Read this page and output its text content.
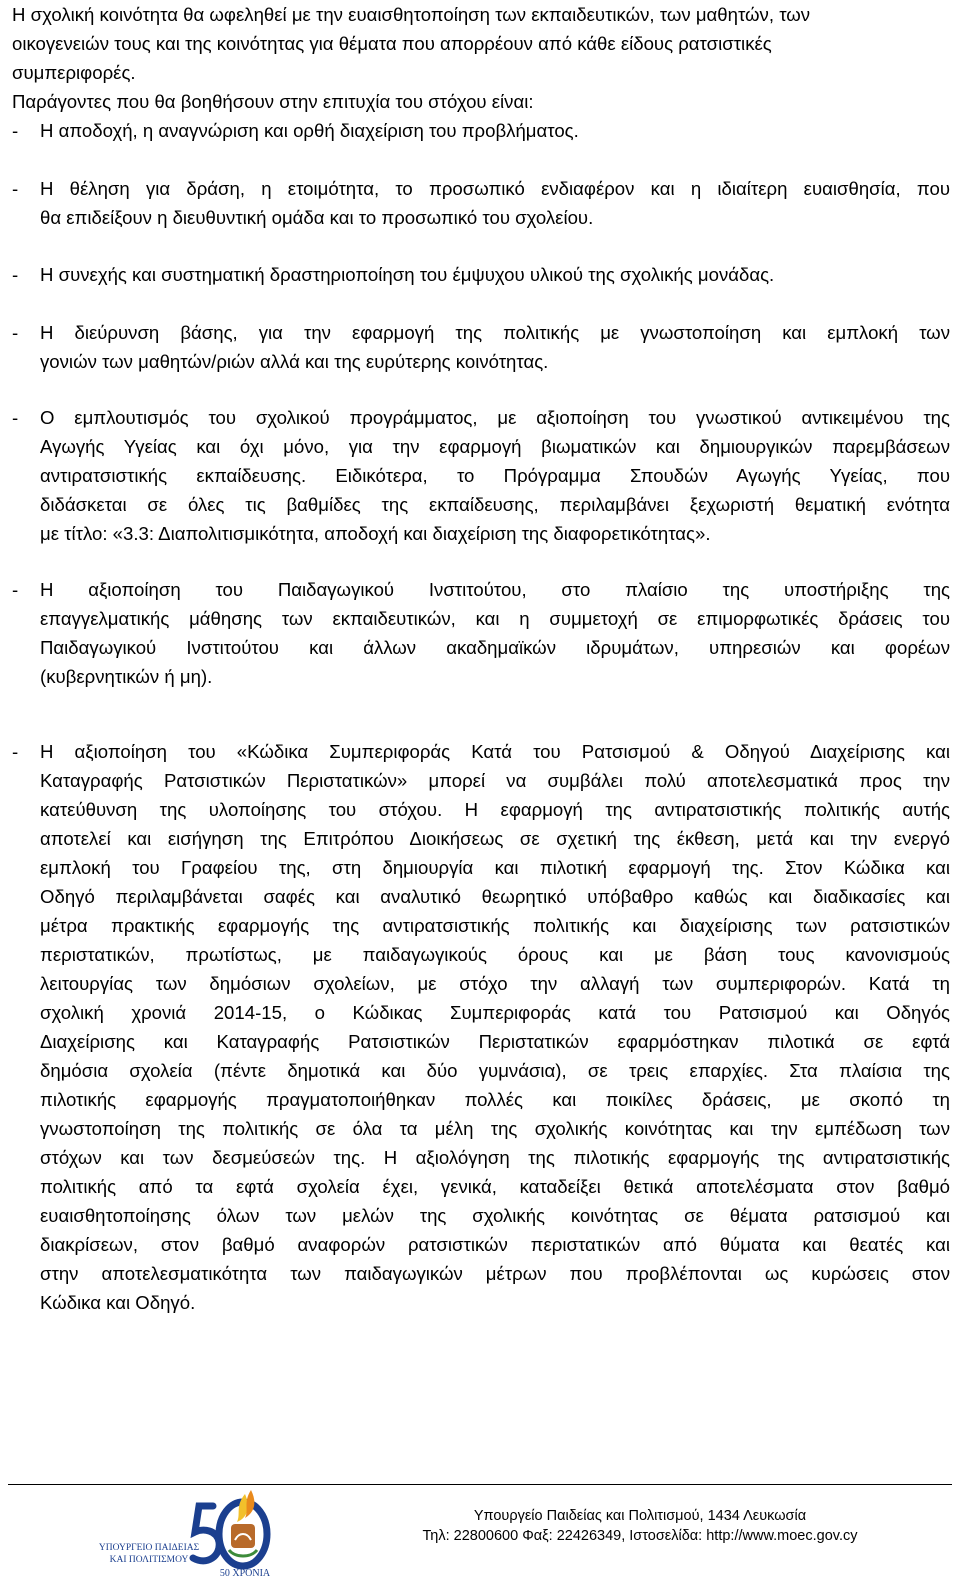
Η σχολική κοινότητα θα ωφεληθεί με την ευαισθητοποίηση των εκπαιδευτικών, των μαθητών, των
οικογενειών τους και της κοινότητας για θέματα που απορρέουν από κάθε είδους ρατσιστικές
συμπεριφορές.
Παράγοντες που θα βοηθήσουν στην επιτυχία του στόχου είναι:
- Η αποδοχή, η αναγνώριση και ορθή διαχείριση του προβλήματος.
- Η θέληση για δράση, η ετοιμότητα, το προσωπικό ενδιαφέρον και η ιδιαίτερη ευαισθησία, που
θα επιδείξουν η διευθυντική ομάδα και το προσωπικό του σχολείου.
- Η συνεχής και συστηματική δραστηριοποίηση του έμψυχου υλικού της σχολικής μονάδας.
- Η διεύρυνση βάσης, για την εφαρμογή της πολιτικής με γνωστοποίηση και εμπλοκή των
γονιών των μαθητών/ριών αλλά και της ευρύτερης κοινότητας.
- Ο εμπλουτισμός του σχολικού προγράμματος, με αξιοποίηση του γνωστικού αντικειμένου της
Αγωγής Υγείας και όχι μόνο, για την εφαρμογή βιωματικών και δημιουργικών παρεμβάσεων
αντιρατσιστικής εκπαίδευσης. Ειδικότερα, το Πρόγραμμα Σπουδών Αγωγής Υγείας, που
διδάσκεται σε όλες τις βαθμίδες της εκπαίδευσης, περιλαμβάνει ξεχωριστή θεματική ενότητα
με τίτλο: «3.3: Διαπολιτισμικότητα, αποδοχή και διαχείριση της διαφορετικότητας».
- Η αξιοποίηση του Παιδαγωγικού Ινστιτούτου, στο πλαίσιο της υποστήριξης της
επαγγελματικής μάθησης των εκπαιδευτικών, και η συμμετοχή σε επιμορφωτικές δράσεις του
Παιδαγωγικού Ινστιτούτου και άλλων ακαδημαϊκών ιδρυμάτων, υπηρεσιών και φορέων
(κυβερνητικών ή μη).
- Η αξιοποίηση του «Κώδικα Συμπεριφοράς Κατά του Ρατσισμού & Οδηγού Διαχείρισης και
Καταγραφής Ρατσιστικών Περιστατικών» μπορεί να συμβάλει πολύ αποτελεσματικά προς την
κατεύθυνση της υλοποίησης του στόχου. Η εφαρμογή της αντιρατσιστικής πολιτικής αυτής
αποτελεί και εισήγηση της Επιτρόπου Διοικήσεως σε σχετική της έκθεση, μετά και την ενεργό
εμπλοκή του Γραφείου της, στη δημιουργία και πιλοτική εφαρμογή της. Στον Κώδικα και
Οδηγό περιλαμβάνεται σαφές και αναλυτικό θεωρητικό υπόβαθρο καθώς και διαδικασίες και
μέτρα πρακτικής εφαρμογής της αντιρατσιστικής πολιτικής και διαχείρισης των ρατσιστικών
περιστατικών, πρωτίστως, με παιδαγωγικούς όρους και με βάση τους κανονισμούς
λειτουργίας των δημόσιων σχολείων, με στόχο την αλλαγή των συμπεριφορών. Κατά τη
σχολική χρονιά 2014-15, ο Κώδικας Συμπεριφοράς κατά του Ρατσισμού και Οδηγός
Διαχείρισης και Καταγραφής Ρατσιστικών Περιστατικών εφαρμόστηκαν πιλοτικά σε εφτά
δημόσια σχολεία (πέντε δημοτικά και δύο γυμνάσια), σε τρεις επαρχίες. Στα πλαίσια της
πιλοτικής εφαρμογής πραγματοποιήθηκαν πολλές και ποικίλες δράσεις, με σκοπό τη
γνωστοποίηση της πολιτικής σε όλα τα μέλη της σχολικής κοινότητας και την εμπέδωση των
στόχων και των δεσμεύσεών της. Η αξιολόγηση της πιλοτικής εφαρμογής της αντιρατσιστικής
πολιτικής από τα εφτά σχολεία έχει, γενικά, καταδείξει θετικά αποτελέσματα στον βαθμό
ευαισθητοποίησης όλων των μελών της σχολικής κοινότητας σε θέματα ρατσισμού και
διακρίσεων, στον βαθμό αναφορών ρατσιστικών περιστατικών από θύματα και θεατές και
στην αποτελεσματικότητα των παιδαγωγικών μέτρων που προβλέπονται ως κυρώσεις στον
Κώδικα και Οδηγό.
ΥΠΟΥΡΓΕΙΟ ΠΑΙΔΕΙΑΣ
ΚΑΙ ΠΟΛΙΤΙΣΜΟΥ
50 ΧΡΟΝΙΑ
Υπουργείο Παιδείας και Πολιτισμού, 1434 Λευκωσία
Τηλ: 22800600 Φαξ: 22426349, Ιστοσελίδα: http://www.moec.gov.cy
